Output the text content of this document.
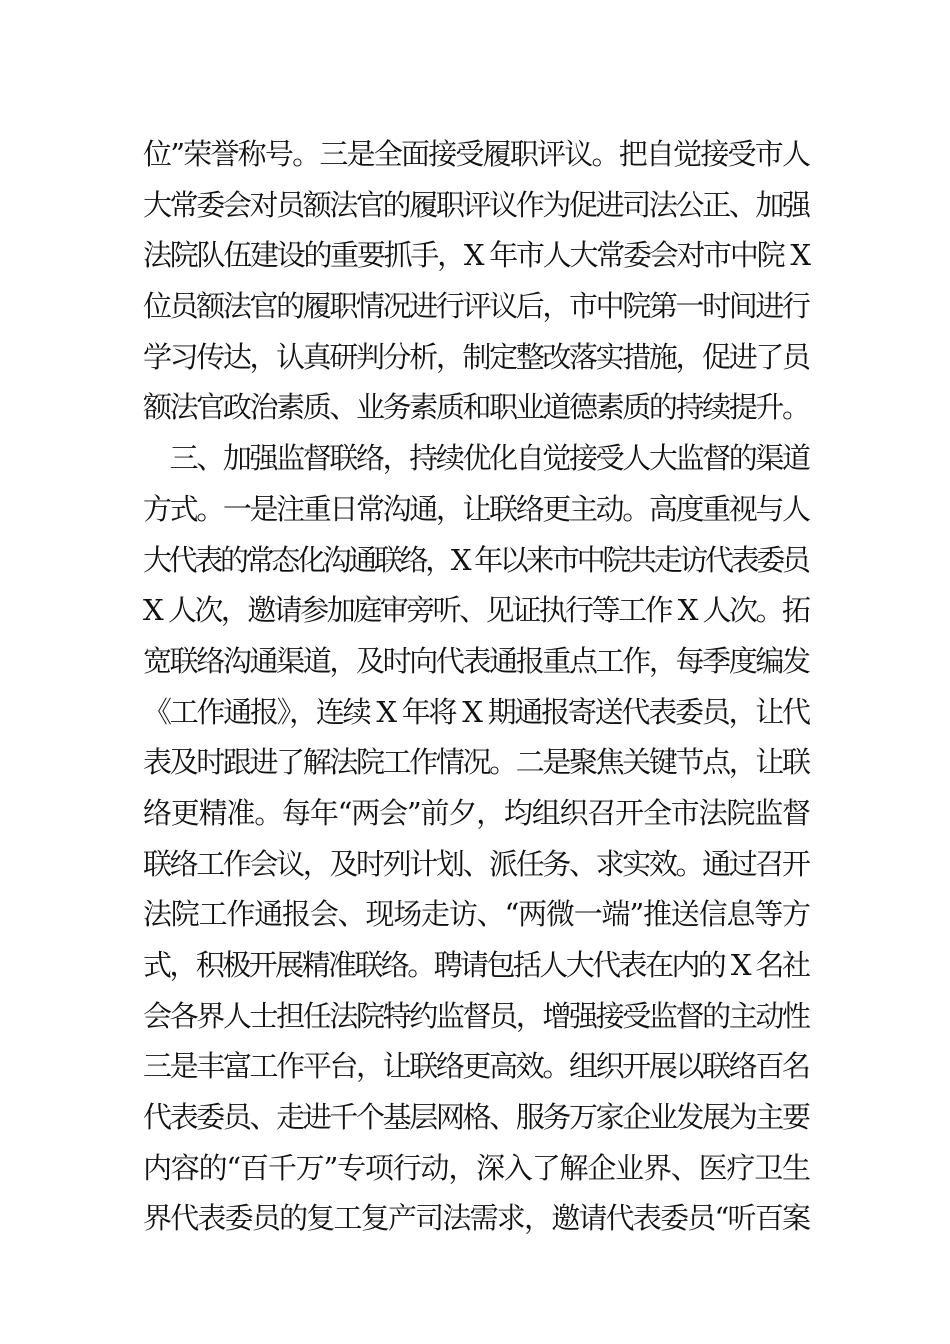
位”荣誉称号。三是全面接受履职评议。把自觉接受市人
大常委会对员额法官的履职评议作为促进司法公正、加强
法院队伍建设的重要抓手，X 年市人大常委会对市中院 X
位员额法官的履职情况进行评议后，市中院第一时间进行
学习传达，认真研判分析，制定整改落实措施，促进了员
额法官政治素质、业务素质和职业道德素质的持续提升。
　三、加强监督联络，持续优化自觉接受人大监督的渠道
方式。一是注重日常沟通，让联络更主动。高度重视与人
大代表的常态化沟通联络，X 年以来市中院共走访代表委员
X 人次，邀请参加庭审旁听、见证执行等工作 X 人次。拓
宽联络沟通渠道，及时向代表通报重点工作，每季度编发
《工作通报》，连续 X 年将 X 期通报寄送代表委员，让代
表及时跟进了解法院工作情况。二是聚焦关键节点，让联
络更精准。每年“两会”前夕，均组织召开全市法院监督
联络工作会议，及时列计划、派任务、求实效。通过召开
法院工作通报会、现场走访、“两微一端”推送信息等方
式，积极开展精准联络。聘请包括人大代表在内的 X 名社
会各界人士担任法院特约监督员，增强接受监督的主动性
三是丰富工作平台，让联络更高效。组织开展以联络百名
代表委员、走进千个基层网格、服务万家企业发展为主要
内容的“百千万”专项行动，深入了解企业界、医疗卫生
界代表委员的复工复产司法需求，邀请代表委员“听百案
